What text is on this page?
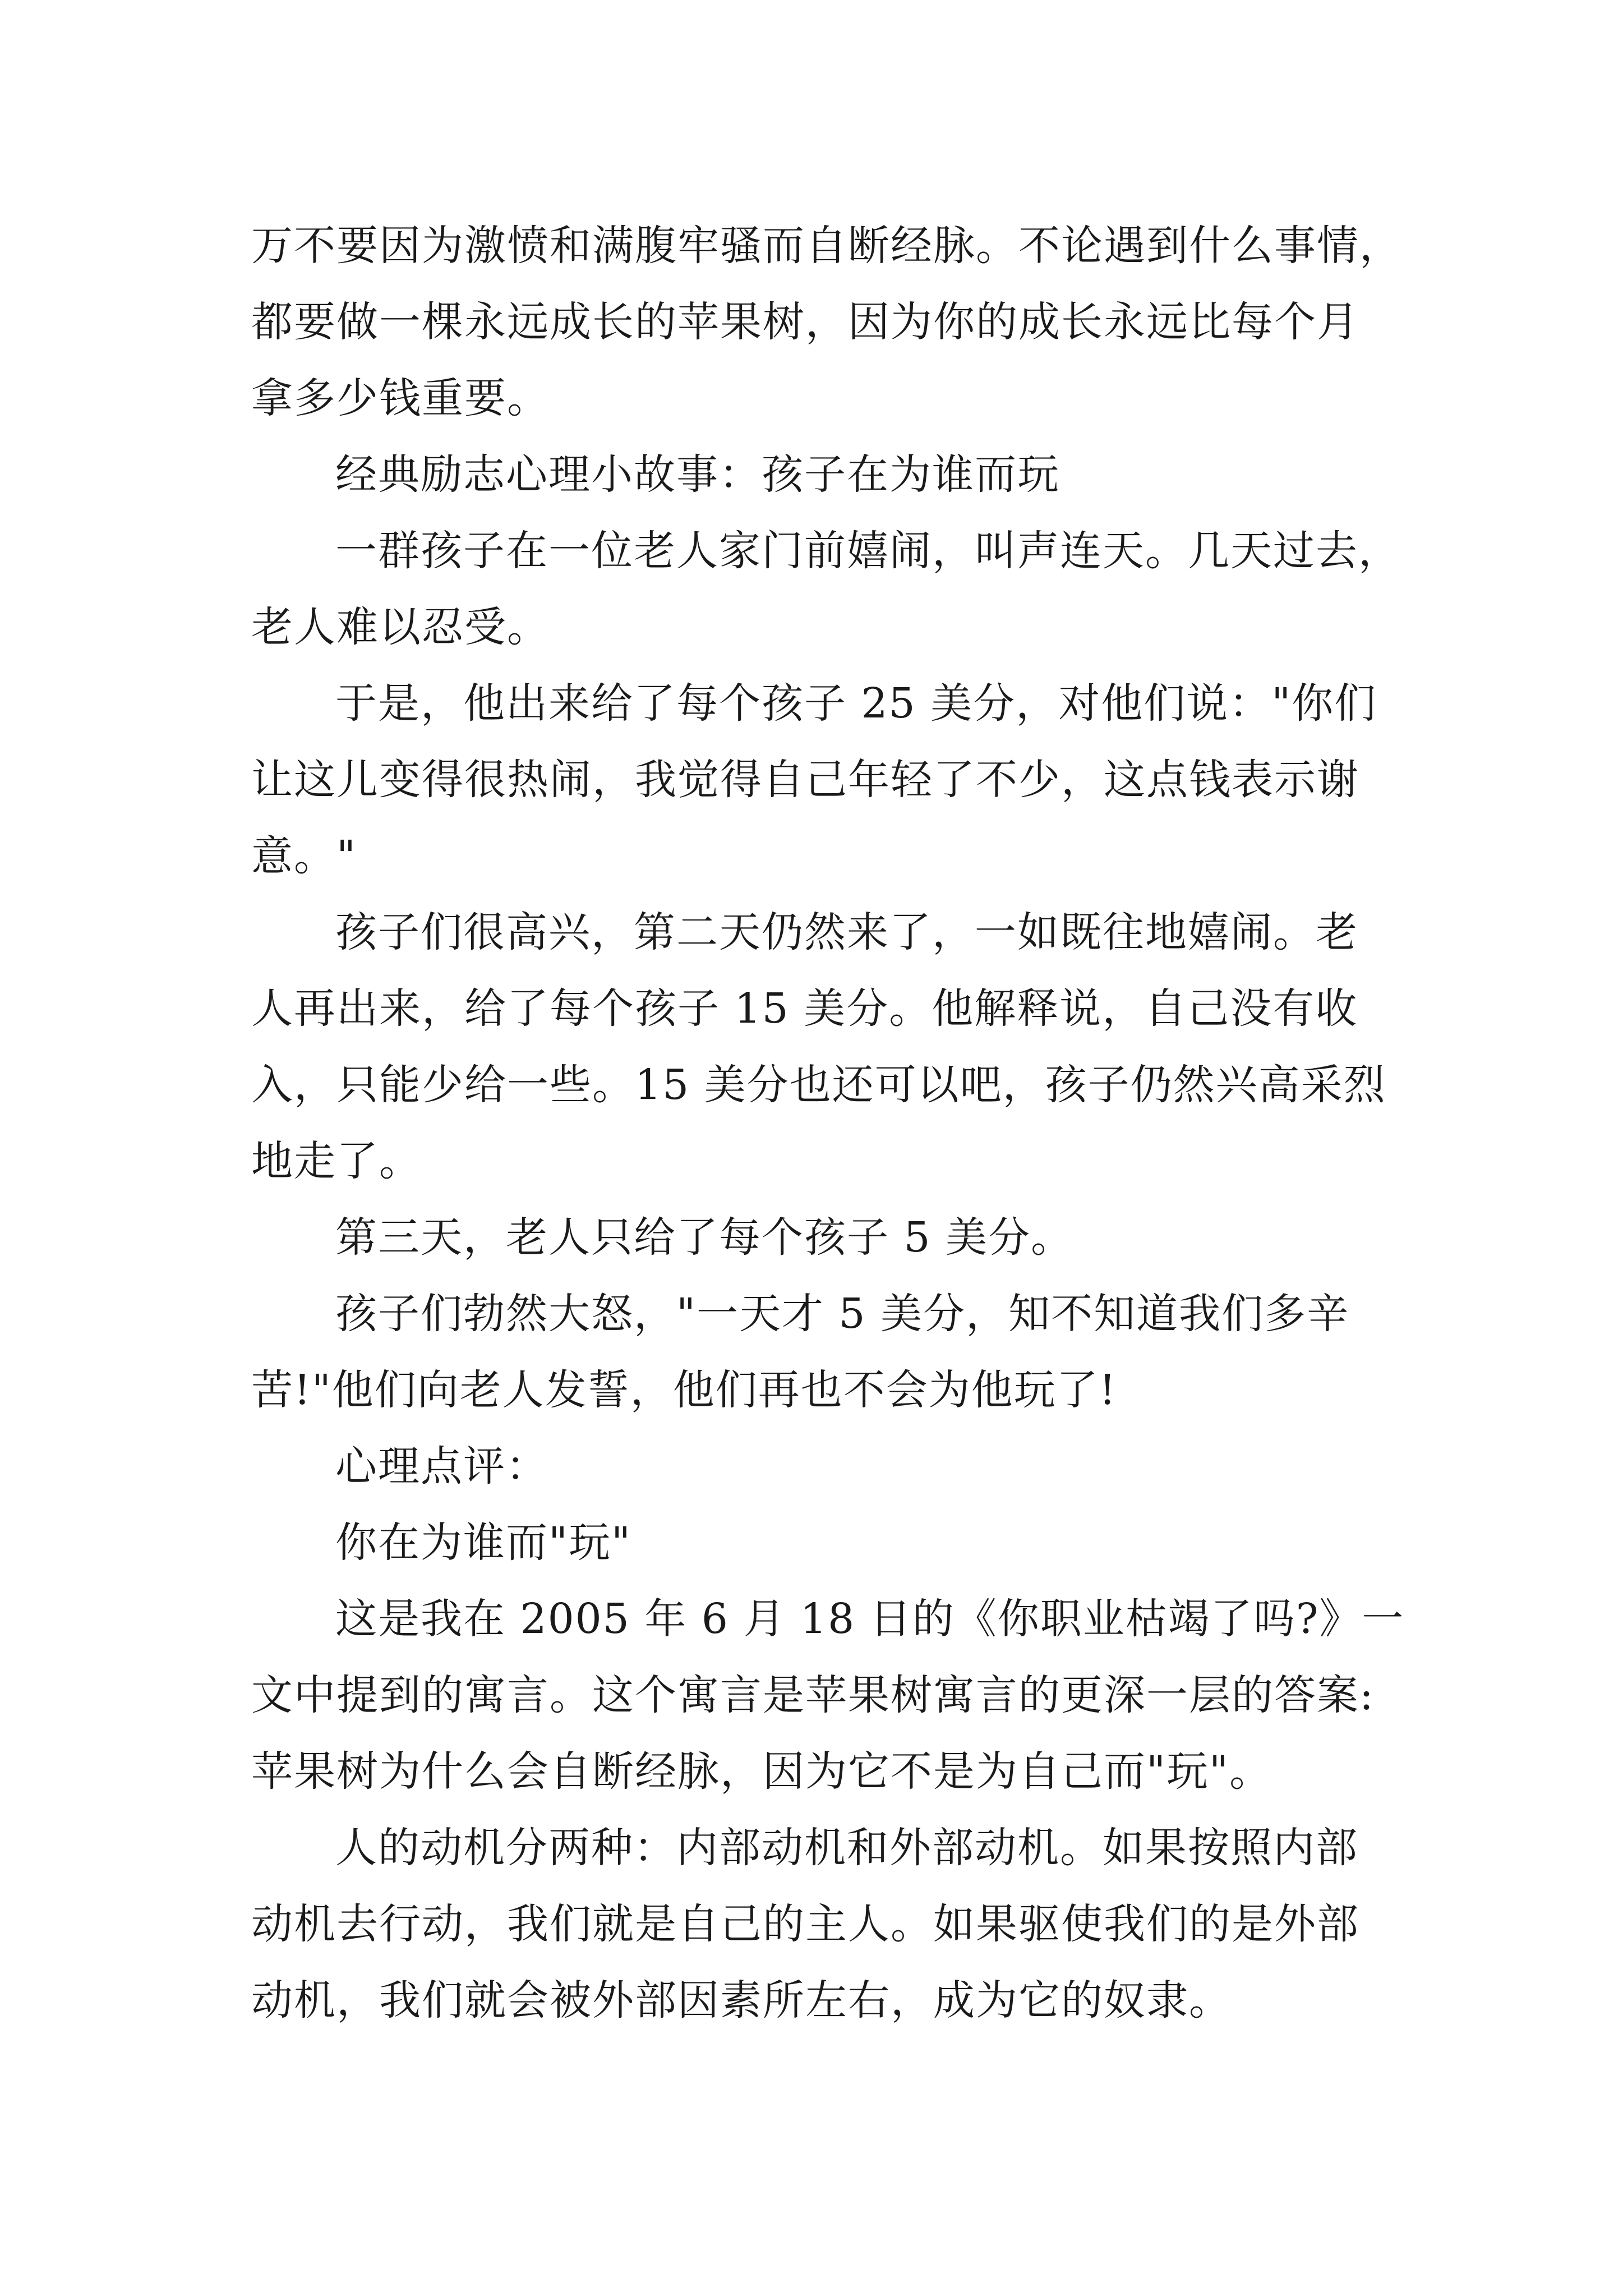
万不要因为激愤和满腹牢骚而自断经脉。不论遇到什么事情，
都要做一棵永远成长的苹果树，因为你的成长永远比每个月
拿多少钱重要。
经典励志心理小故事：孩子在为谁而玩
一群孩子在一位老人家门前嬉闹，叫声连天。几天过去，
老人难以忍受。
于是，他出来给了每个孩子 25 美分，对他们说："你们
让这儿变得很热闹，我觉得自己年轻了不少，这点钱表示谢
意。"
孩子们很高兴，第二天仍然来了，一如既往地嬉闹。老
人再出来，给了每个孩子 15 美分。他解释说，自己没有收
入，只能少给一些。15 美分也还可以吧，孩子仍然兴高采烈
地走了。
第三天，老人只给了每个孩子 5 美分。
孩子们勃然大怒，"一天才 5 美分，知不知道我们多辛
苦!"他们向老人发誓，他们再也不会为他玩了!
心理点评：
你在为谁而"玩"
这是我在 2005 年 6 月 18 日的《你职业枯竭了吗?》一
文中提到的寓言。这个寓言是苹果树寓言的更深一层的答案:
苹果树为什么会自断经脉，因为它不是为自己而"玩"。
人的动机分两种：内部动机和外部动机。如果按照内部
动机去行动，我们就是自己的主人。如果驱使我们的是外部
动机，我们就会被外部因素所左右，成为它的奴隶。
